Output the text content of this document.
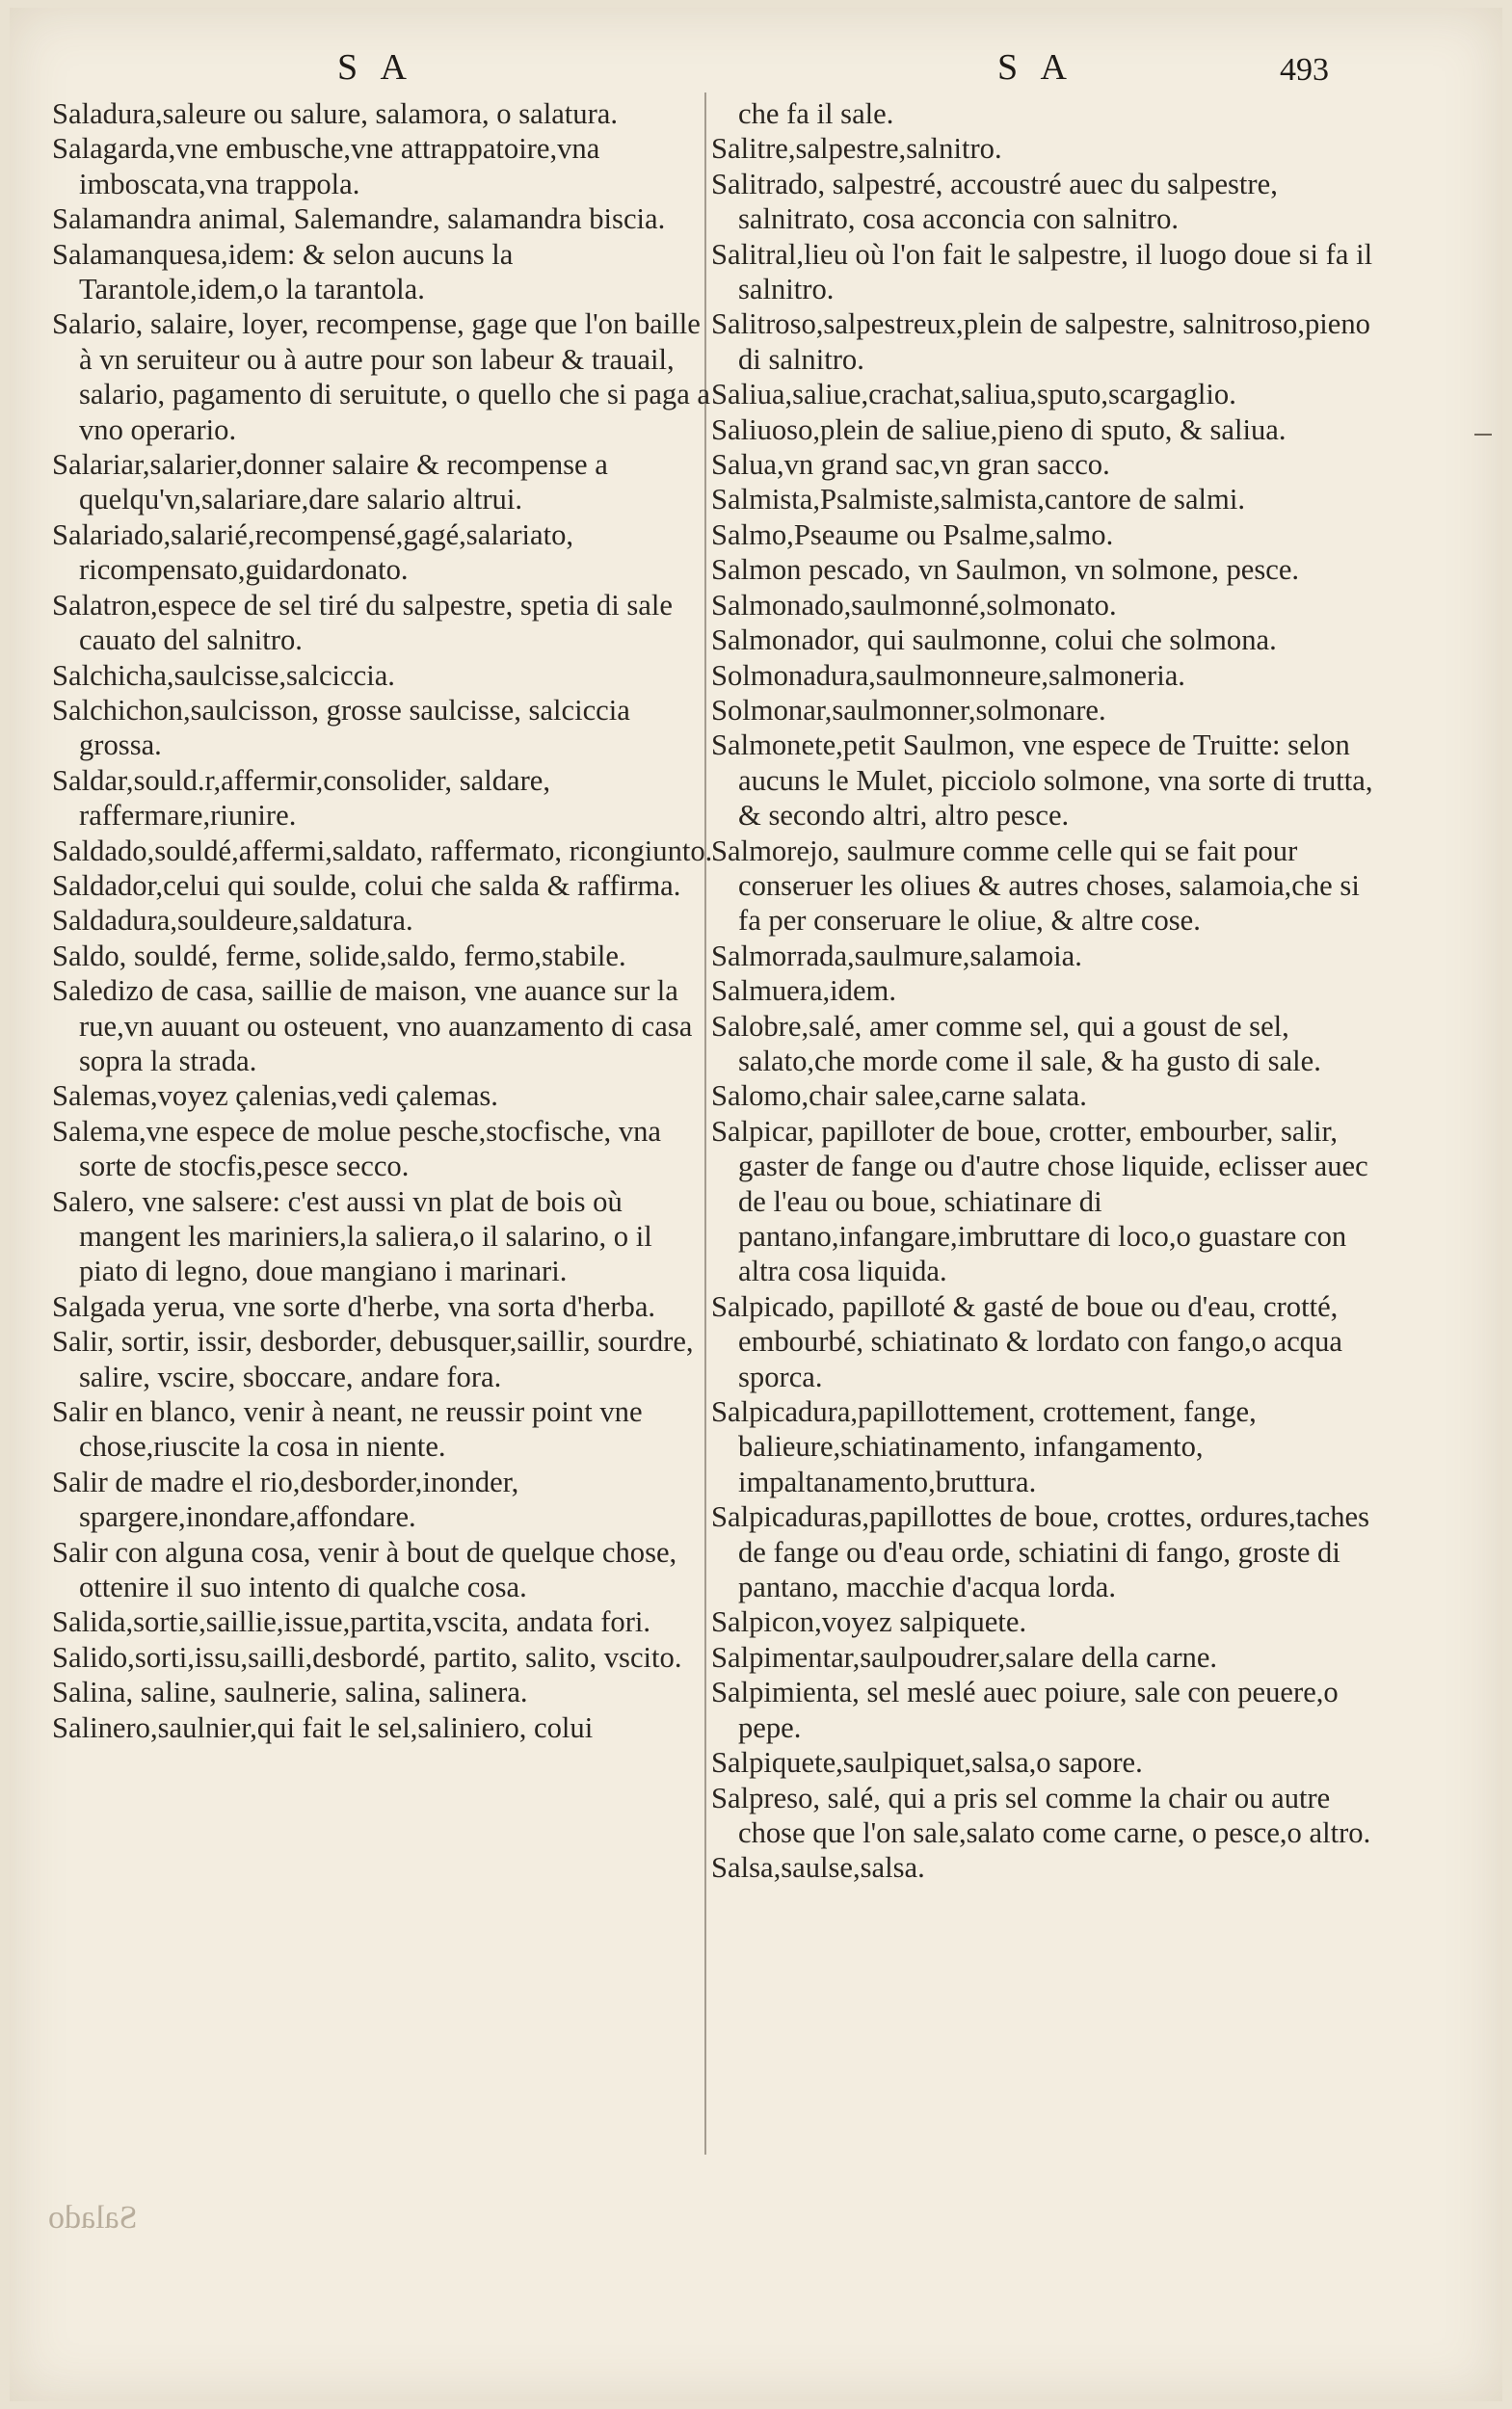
S A	S A	493

Saladura,saleure ou salure, salamora, o salatura.

Salagarda,vne embusche,vne attrappatoire,vna imboscata,vna trappola.

Salamandra animal, Salemandre, salamandra biscia.

Salamanquesa,idem: & selon aucuns la Tarantole,idem,o la tarantola.

Salario, salaire, loyer, recompense, gage que l'on baille à vn seruiteur ou à autre pour son labeur & trauail, salario, pagamento di seruitute, o quello che si paga a vno operario.

Salariar,salarier,donner salaire & recompense a quelqu'vn,salariare,dare salario altrui.

Salariado,salarié,recompensé,gagé,salariato, ricompensato,guidardonato.

Salatron,espece de sel tiré du salpestre, spetia di sale cauato del salnitro.

Salchicha,saulcisse,salciccia.

Salchichon,saulcisson, grosse saulcisse, salciccia grossa.

Saldar,sould.r,affermir,consolider, saldare, raffermare,riunire.

Saldado,souldé,affermi,saldato, raffermato, ricongiunto.

Saldador,celui qui soulde, colui che salda & raffirma.

Saldadura,souldeure,saldatura.

Saldo, souldé, ferme, solide,saldo, fermo,stabile.

Saledizo de casa, saillie de maison, vne auance sur la rue,vn auuant ou osteuent, vno auanzamento di casa sopra la strada.

Salemas,voyez çalenias,vedi çalemas.

Salema,vne espece de molue pesche,stocfische, vna sorte de stocfis,pesce secco.

Salero, vne salsere: c'est aussi vn plat de bois où mangent les mariniers,la saliera,o il salarino, o il piato di legno, doue mangiano i marinari.

Salgada yerua, vne sorte d'herbe, vna sorta d'herba.

Salir, sortir, issir, desborder, debusquer,saillir, sourdre, salire, vscire, sboccare, andare fora.

Salir en blanco, venir à neant, ne reussir point vne chose,riuscite la cosa in niente.

Salir de madre el rio,desborder,inonder, spargere,inondare,affondare.

Salir con alguna cosa, venir à bout de quelque chose, ottenire il suo intento di qualche cosa.

Salida,sortie,saillie,issue,partita,vscita, andata fori.

Salido,sorti,issu,sailli,desbordé, partito, salito, vscito.

Salina, saline, saulnerie, salina, salinera.

Salinero,saulnier,qui fait le sel,saliniero, colui

che fa il sale.

Salitre,salpestre,salnitro.

Salitrado, salpestré, accoustré auec du salpestre, salnitrato, cosa acconcia con salnitro.

Salitral,lieu où l'on fait le salpestre, il luogo doue si fa il salnitro.

Salitroso,salpestreux,plein de salpestre, salnitroso,pieno di salnitro.

Saliua,saliue,crachat,saliua,sputo,scargaglio.

Saliuoso,plein de saliue,pieno di sputo, & saliua.

Salua,vn grand sac,vn gran sacco.

Salmista,Psalmiste,salmista,cantore de salmi.

Salmo,Pseaume ou Psalme,salmo.

Salmon pescado, vn Saulmon, vn solmone, pesce.

Salmonado,saulmonné,solmonato.

Salmonador, qui saulmonne, colui che solmona.

Solmonadura,saulmonneure,salmoneria.

Solmonar,saulmonner,solmonare.

Salmonete,petit Saulmon, vne espece de Truitte: selon aucuns le Mulet, picciolo solmone, vna sorte di trutta, & secondo altri, altro pesce.

Salmorejo, saulmure comme celle qui se fait pour conseruer les oliues & autres choses, salamoia,che si fa per conseruare le oliue, & altre cose.

Salmorrada,saulmure,salamoia.

Salmuera,idem.

Salobre,salé, amer comme sel, qui a goust de sel, salato,che morde come il sale, & ha gusto di sale.

Salomo,chair salee,carne salata.

Salpicar, papilloter de boue, crotter, embourber, salir, gaster de fange ou d'autre chose liquide, eclisser auec de l'eau ou boue, schiatinare di pantano,infangare,imbruttare di loco,o guastare con altra cosa liquida.

Salpicado, papilloté & gasté de boue ou d'eau, crotté, embourbé, schiatinato & lordato con fango,o acqua sporca.

Salpicadura,papillottement, crottement, fange, balieure,schiatinamento, infangamento, impaltanamento,bruttura.

Salpicaduras,papillottes de boue, crottes, ordures,taches de fange ou d'eau orde, schiatini di fango, groste di pantano, macchie d'acqua lorda.

Salpicon,voyez salpiquete.

Salpimentar,saulpoudrer,salare della carne.

Salpimienta, sel meslé auec poiure, sale con peuere,o pepe.

Salpiquete,saulpiquet,salsa,o sapore.

Salpreso, salé, qui a pris sel comme la chair ou autre chose que l'on sale,salato come carne, o pesce,o altro.

Salsa,saulse,salsa.

Salado
